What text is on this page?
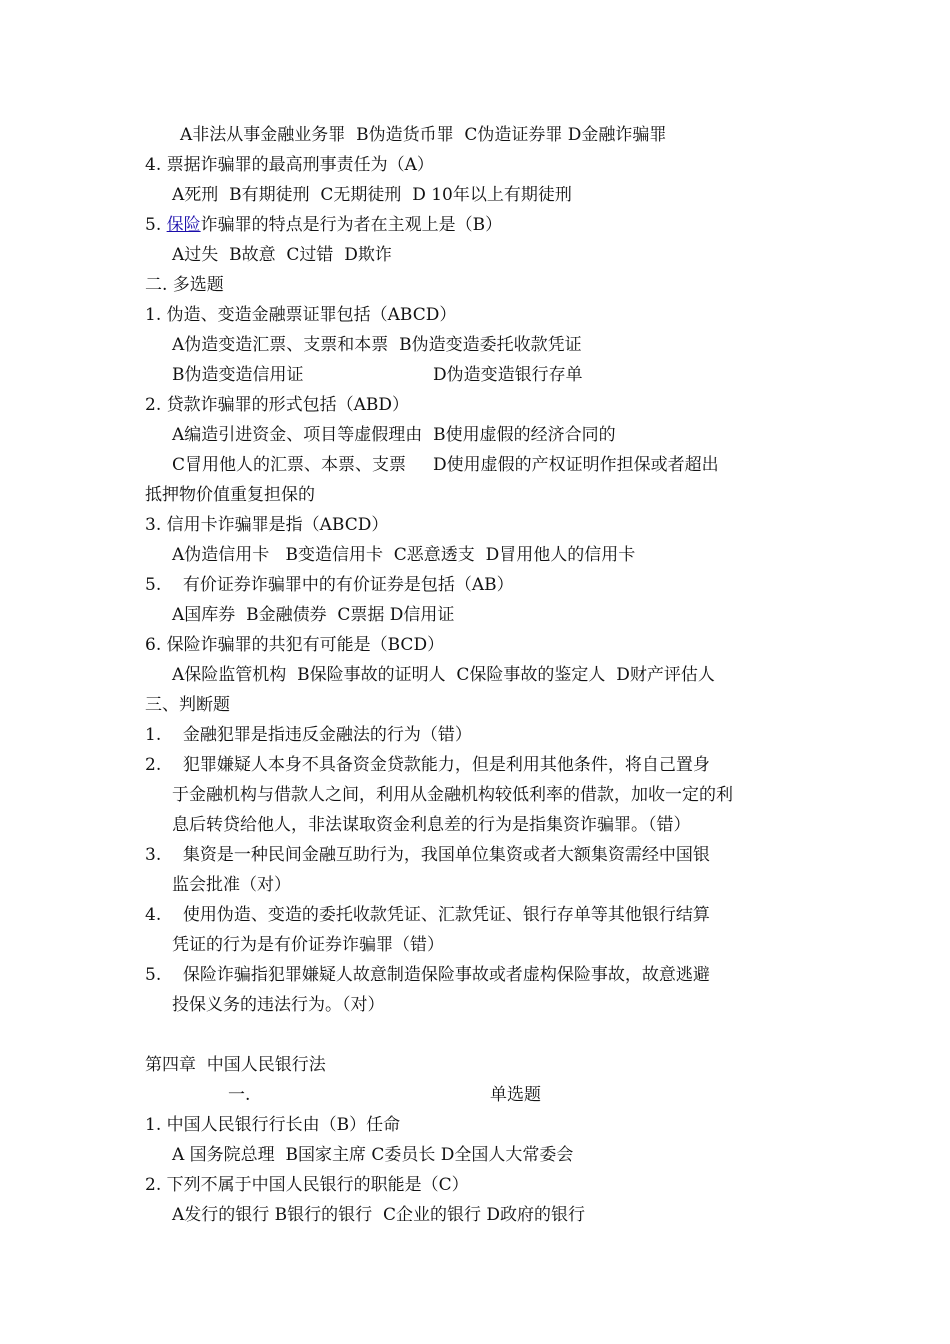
A非法从事金融业务罪  B伪造货币罪  C伪造证券罪 D金融诈骗罪
4. 票据诈骗罪的最高刑事责任为（A）
A死刑  B有期徒刑  C无期徒刑  D 10年以上有期徒刑
5. 保险诈骗罪的特点是行为者在主观上是（B）
A过失  B故意  C过错  D欺诈
二. 多选题
1. 伪造、变造金融票证罪包括（ABCD）
A伪造变造汇票、支票和本票  B伪造变造委托收款凭证
B伪造变造信用证	D伪造变造银行存单
2. 贷款诈骗罪的形式包括（ABD）
A编造引进资金、项目等虚假理由  B使用虚假的经济合同的
C冒用他人的汇票、本票、支票     D使用虚假的产权证明作担保或者超出
抵押物价值重复担保的
3. 信用卡诈骗罪是指（ABCD）
A伪造信用卡   B变造信用卡  C恶意透支  D冒用他人的信用卡
5.    有价证券诈骗罪中的有价证券是包括（AB）
A国库券  B金融债券  C票据 D信用证
6. 保险诈骗罪的共犯有可能是（BCD）
A保险监管机构  B保险事故的证明人  C保险事故的鉴定人  D财产评估人
三、判断题
1.    金融犯罪是指违反金融法的行为（错）
2.    犯罪嫌疑人本身不具备资金贷款能力，但是利用其他条件，将自己置身
于金融机构与借款人之间，利用从金融机构较低利率的借款，加收一定的利
息后转贷给他人，非法谋取资金利息差的行为是指集资诈骗罪。（错）
3.    集资是一种民间金融互助行为，我国单位集资或者大额集资需经中国银
监会批准（对）
4.    使用伪造、变造的委托收款凭证、汇款凭证、银行存单等其他银行结算
凭证的行为是有价证券诈骗罪（错）
5.    保险诈骗指犯罪嫌疑人故意制造保险事故或者虚构保险事故，故意逃避
投保义务的违法行为。（对）
第四章  中国人民银行法
一.	单选题
1. 中国人民银行行长由（B）任命
A 国务院总理  B国家主席 C委员长 D全国人大常委会
2. 下列不属于中国人民银行的职能是（C）
A发行的银行 B银行的银行  C企业的银行 D政府的银行
